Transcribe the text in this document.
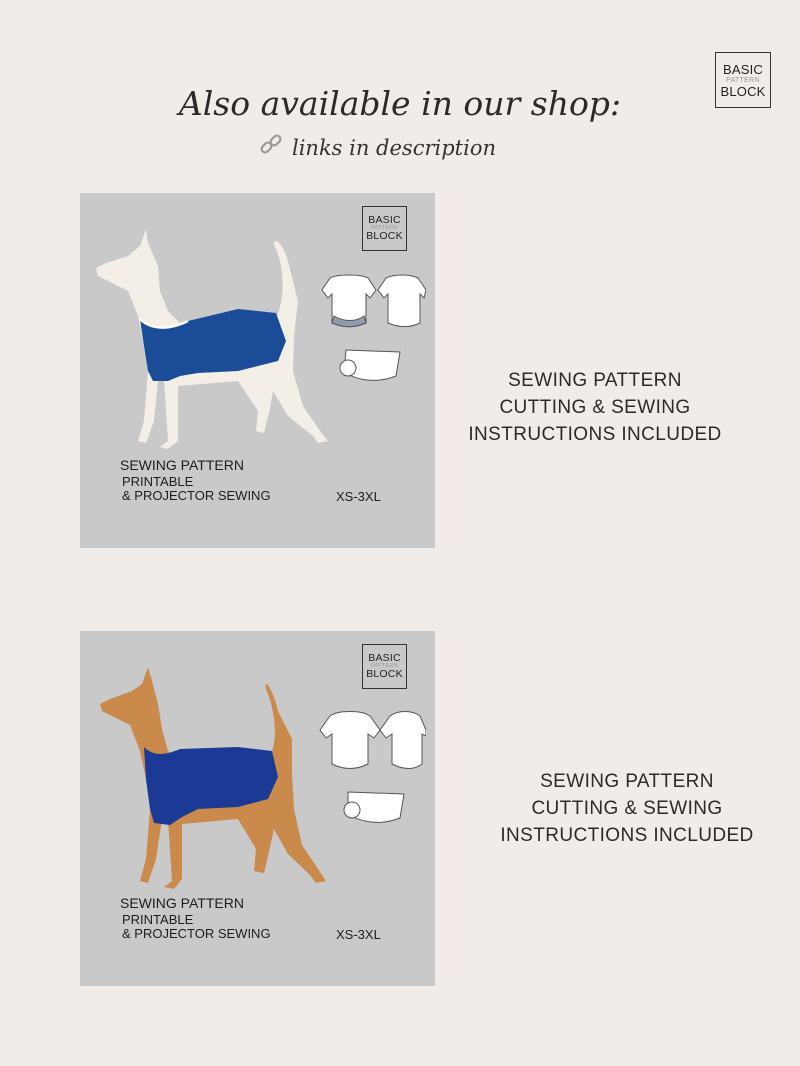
BASIC
PATTERN
BLOCK
Also available in our shop:
links in description
BASIC
PATTERN
BLOCK
SEWING PATTERN
PRINTABLE
& PROJECTOR SEWING	XS-3XL
SEWING PATTERN
CUTTING & SEWING
INSTRUCTIONS INCLUDED
BASIC
PATTERN
BLOCK
SEWING PATTERN
PRINTABLE
& PROJECTOR SEWING	XS-3XL
SEWING PATTERN
CUTTING & SEWING
INSTRUCTIONS INCLUDED
